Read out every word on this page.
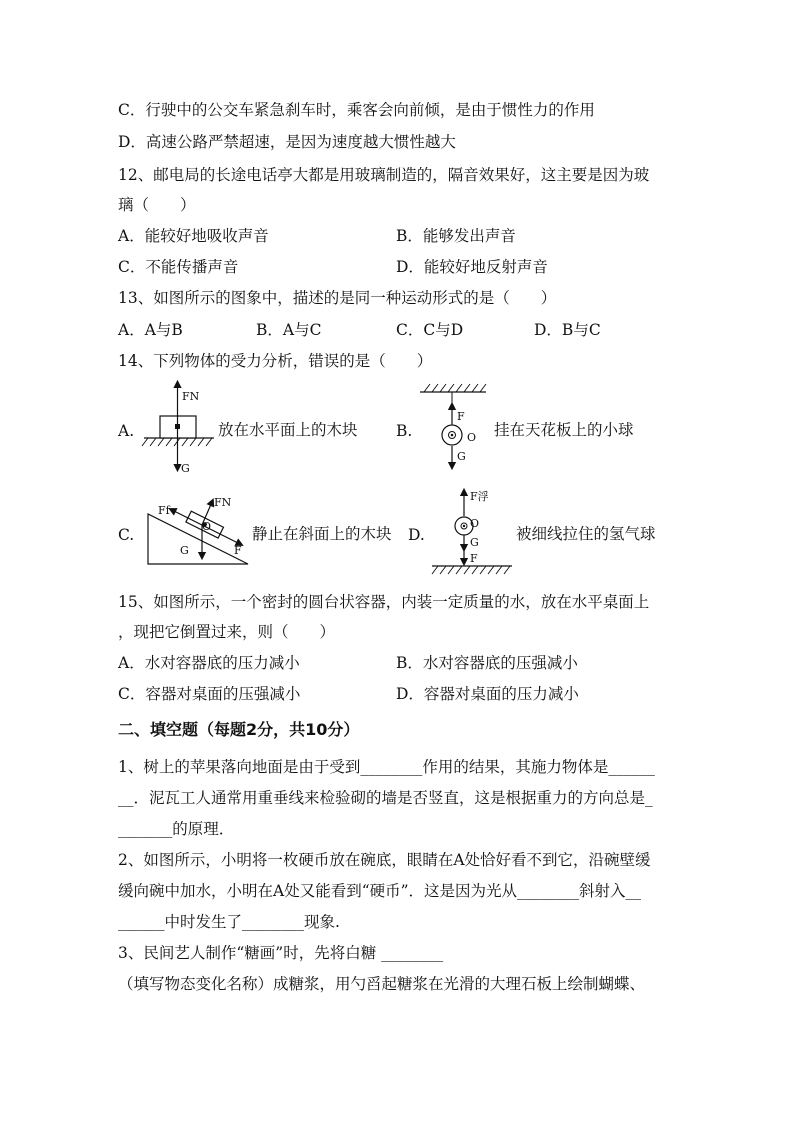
C．行驶中的公交车紧急刹车时，乘客会向前倾，是由于惯性力的作用
D．高速公路严禁超速，是因为速度越大惯性越大
12、邮电局的长途电话亭大都是用玻璃制造的，隔音效果好，这主要是因为玻
璃（　　）
A．能较好地吸收声音	B．能够发出声音
C．不能传播声音	D．能较好地反射声音
13、如图所示的图象中，描述的是同一种运动形式的是（　　）
A．A与B	B．A与C	C．C与D	D．B与C
14、下列物体的受力分析，错误的是（　　）
A.
FN
G
放在水平面上的木块 B.
F
O
G
挂在天花板上的小球
C.
Ff
FN
O
G	F
静止在斜面上的木块 D.
F浮
O
G
F
被细线拉住的氢气球
15、如图所示，一个密封的圆台状容器，内装一定质量的水，放在水平桌面上
，现把它倒置过来，则（　　）
A．水对容器底的压力减小	B．水对容器底的压强减小
C．容器对桌面的压强减小	D．容器对桌面的压力减小
二、填空题（每题2分，共10分）
1、树上的苹果落向地面是由于受到________作用的结果，其施力物体是______
__．泥瓦工人通常用重垂线来检验砌的墙是否竖直，这是根据重力的方向总是_
_______的原理．
2、如图所示，小明将一枚硬币放在碗底，眼睛在A处恰好看不到它，沿碗壁缓
缓向碗中加水，小明在A处又能看到“硬币”．这是因为光从________斜射入__
______中时发生了________现象.
3、民间艺人制作“糖画”时，先将白糖 ________
（填写物态变化名称）成糖浆，用勺舀起糖浆在光滑的大理石板上绘制蝴蝶、
